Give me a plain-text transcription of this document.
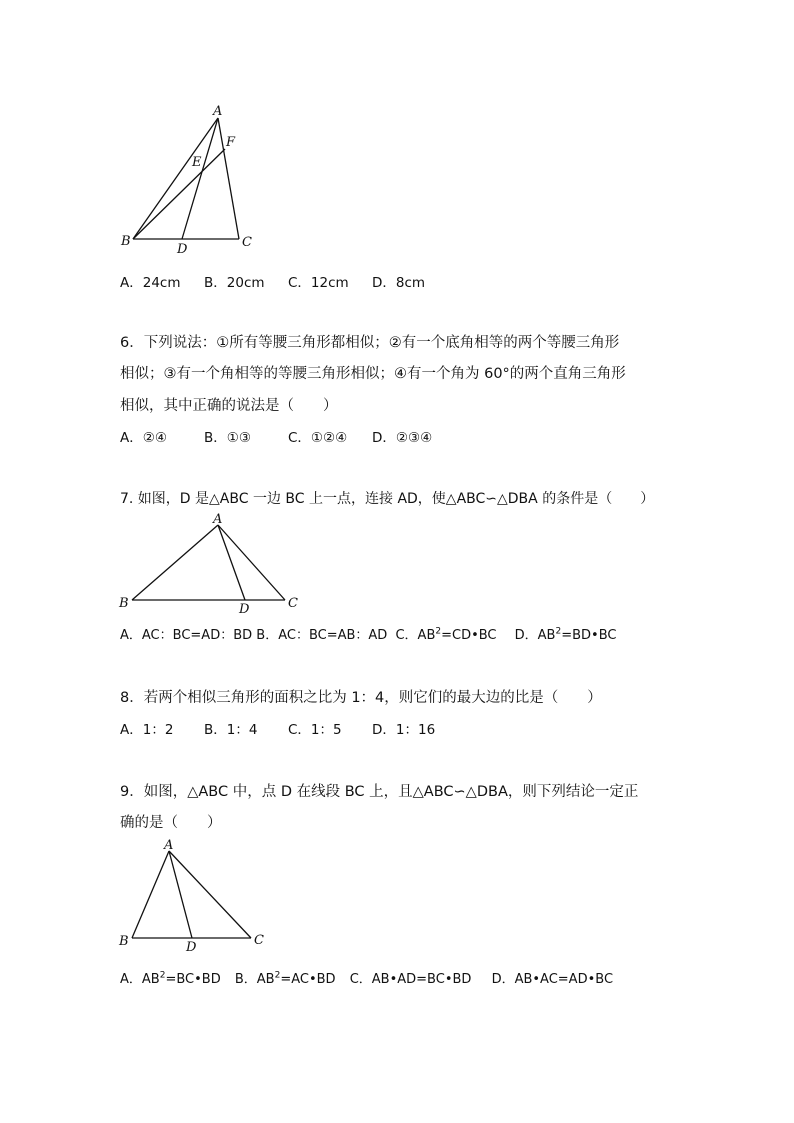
A
F
E
B
D	C
A．24cm B．20cm C．12cm D．8cm
6．下列说法：①所有等腰三角形都相似；②有一个底角相等的两个等腰三角形
相似；③有一个角相等的等腰三角形相似；④有一个角为 60°的两个直角三角形
相似，其中正确的说法是（　　）
A．②④	B．①③	C．①②④ D．②③④
7. 如图，D 是△ABC 一边 BC 上一点，连接 AD，使△ABC∽△DBA 的条件是（　　）
A
B	D	C
A．AC：BC=AD：BD B．AC：BC=AB：AD C．$AB^2=CD•BC$ D．$AB^2=BD•BC$
8．若两个相似三角形的面积之比为 1：4，则它们的最大边的比是（　　）
A．1：2 B．1：4 C．1：5 D．1：16
9．如图，△ABC 中，点 D 在线段 BC 上，且△ABC∽△DBA，则下列结论一定正
确的是（　　）
A
B	D	C
A．$AB^2=BC•BD$ B．$AB^2=AC•BD$ C．AB•AD=BC•BD D．AB•AC=AD•BC
